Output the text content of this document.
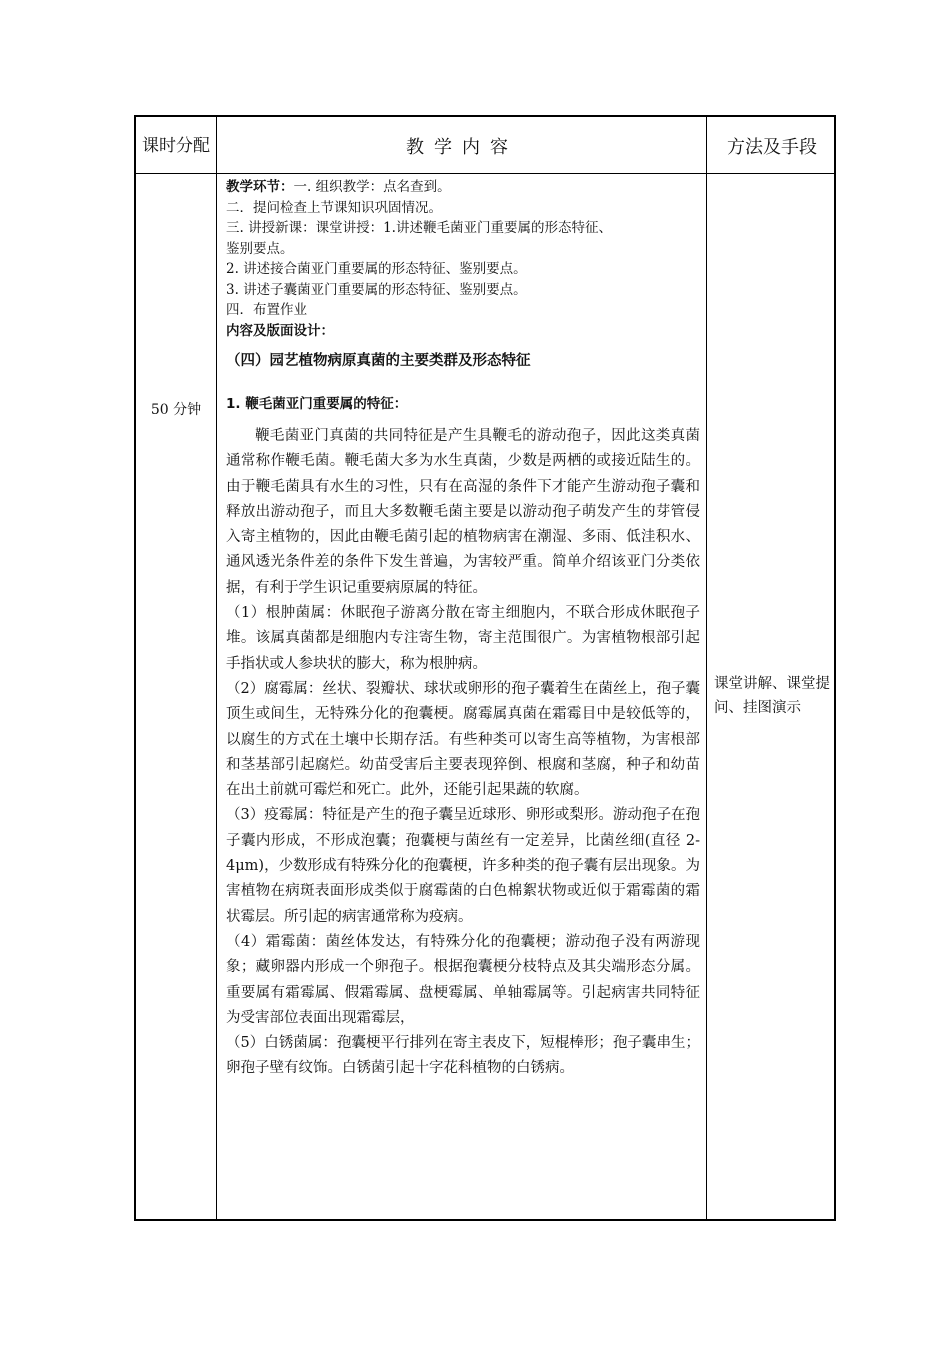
课时分配	教学内容	方法及手段
50 分钟
课堂讲解、课堂提问、挂图演示
教学环节：一. 组织教学：点名查到。
二．提问检查上节课知识巩固情况。
三. 讲授新课：课堂讲授：1.讲述鞭毛菌亚门重要属的形态特征、
鉴别要点。
2. 讲述接合菌亚门重要属的形态特征、鉴别要点。
3. 讲述子囊菌亚门重要属的形态特征、鉴别要点。
四．布置作业
内容及版面设计：
（四）园艺植物病原真菌的主要类群及形态特征
1. 鞭毛菌亚门重要属的特征：
鞭毛菌亚门真菌的共同特征是产生具鞭毛的游动孢子，因此这类真菌通常称作鞭毛菌。鞭毛菌大多为水生真菌，少数是两栖的或接近陆生的。由于鞭毛菌具有水生的习性，只有在高湿的条件下才能产生游动孢子囊和释放出游动孢子，而且大多数鞭毛菌主要是以游动孢子萌发产生的芽管侵入寄主植物的，因此由鞭毛菌引起的植物病害在潮湿、多雨、低洼积水、通风透光条件差的条件下发生普遍，为害较严重。简单介绍该亚门分类依据，有利于学生识记重要病原属的特征。
（1）根肿菌属：休眠孢子游离分散在寄主细胞内，不联合形成休眠孢子堆。该属真菌都是细胞内专注寄生物，寄主范围很广。为害植物根部引起手指状或人参块状的膨大，称为根肿病。
（2）腐霉属：丝状、裂瓣状、球状或卵形的孢子囊着生在菌丝上，孢子囊顶生或间生，无特殊分化的孢囊梗。腐霉属真菌在霜霉目中是较低等的，以腐生的方式在土壤中长期存活。有些种类可以寄生高等植物，为害根部和茎基部引起腐烂。幼苗受害后主要表现猝倒、根腐和茎腐，种子和幼苗在出土前就可霉烂和死亡。此外，还能引起果蔬的软腐。
（3）疫霉属：特征是产生的孢子囊呈近球形、卵形或梨形。游动孢子在孢子囊内形成，不形成泡囊；孢囊梗与菌丝有一定差异，比菌丝细(直径 2-4μm)，少数形成有特殊分化的孢囊梗，许多种类的孢子囊有层出现象。为害植物在病斑表面形成类似于腐霉菌的白色棉絮状物或近似于霜霉菌的霜状霉层。所引起的病害通常称为疫病。
（4）霜霉菌：菌丝体发达，有特殊分化的孢囊梗；游动孢子没有两游现象；藏卵器内形成一个卵孢子。根据孢囊梗分枝特点及其尖端形态分属。重要属有霜霉属、假霜霉属、盘梗霉属、单轴霉属等。引起病害共同特征为受害部位表面出现霜霉层，
（5）白锈菌属：孢囊梗平行排列在寄主表皮下，短棍棒形；孢子囊串生；卵孢子壁有纹饰。白锈菌引起十字花科植物的白锈病。
